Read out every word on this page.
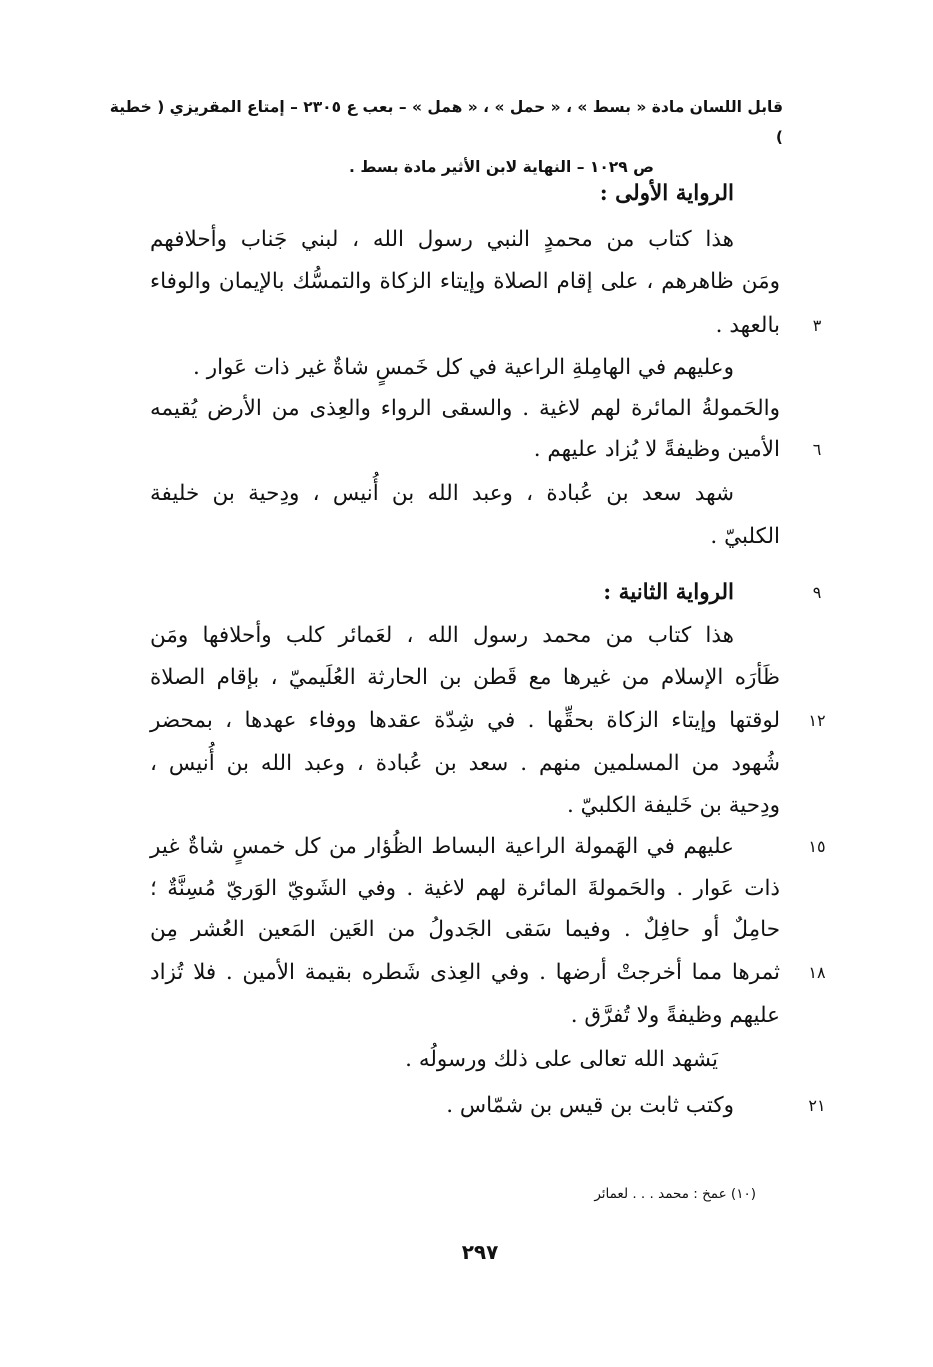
قابل اللسان مادة « بسط » ، « حمل » ، « همل » – بعب ع ٢٣٠٥ – إمتاع المقريزي ( خطية )
ص ١٠٢٩ – النهاية لابن الأثير مادة بسط .
الرواية الأولى :
هذا كتاب من محمدٍ النبي رسول الله ، لبني جَناب وأحلافهم
ومَن ظاهرهم ، على إقام الصلاة وإيتاء الزكاة والتمسُّك بالإيمان والوفاء
بالعهد .
وعليهم في الهامِلةِ الراعية في كل خَمسٍ شاةٌ غير ذات عَوار .
والحَمولةُ المائرة لهم لاغية . والسقى الرواء والعِذى من الأرض يُقيمه
الأمين وظيفةً لا يُزاد عليهم .
شهد سعد بن عُبادة ، وعبد الله بن أُنيس ، ودِحية بن خليفة
الكلبيّ .
الرواية الثانية :
هذا كتاب من محمد رسول الله ، لعَمائر كلب وأحلافها ومَن
ظَأرَه الإسلام من غيرها مع قَطن بن الحارثة العُلَيميّ ، بإقام الصلاة
لوقتها وإيتاء الزكاة بحقِّها . في شِدّة عقدها ووفاء عهدها ، بمحضر
شُهود من المسلمين منهم . سعد بن عُبادة ، وعبد الله بن أُنيس ،
ودِحية بن خَليفة الكلبيّ .
عليهم في الهَمولة الراعية البساط الظُؤار من كل خمسٍ شاةٌ غير
ذات عَوار . والحَمولةَ المائرة لهم لاغية . وفي الشَويّ الوَريّ مُسِنَّةٌ ؛
حامِلٌ أو حافِلٌ . وفيما سَقى الجَدولُ من العَين المَعين العُشر مِن
ثمرها مما أخرجتْ أرضها . وفي العِذى شَطره بقيمة الأمين . فلا تُزاد
عليهم وظيفةً ولا تُفرَّق .
يَشهد الله تعالى على ذلك ورسولُه .
وكتب ثابت بن قيس بن شمّاس .
٣
٦
٩
١٢
١٥
١٨
٢١
(١٠) عمخ : محمد . . . لعمائر
٢٩٧
